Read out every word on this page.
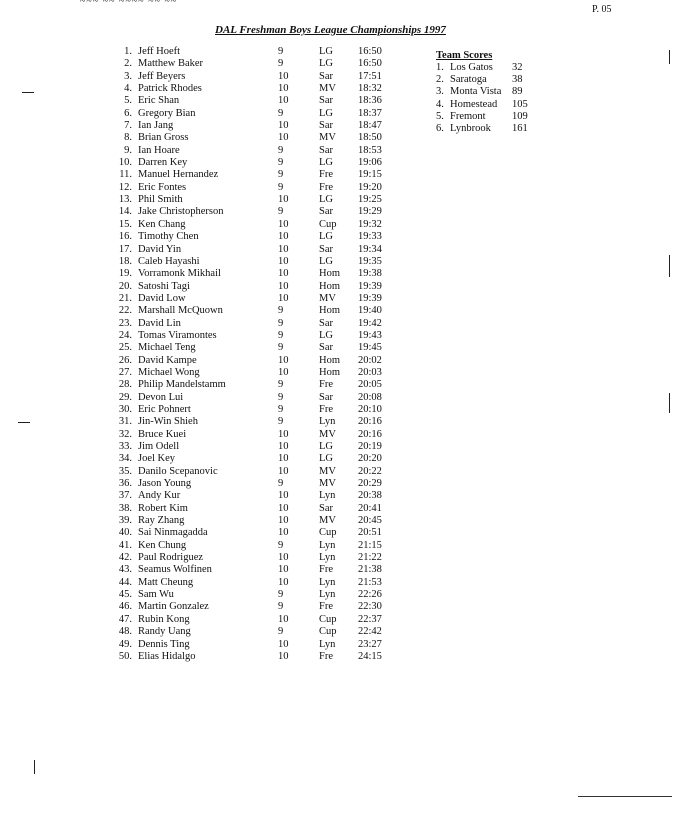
~~~ ~~ ~~~~ ~~ ~~
P. 05
DAL Freshman Boys League Championships 1997
1. Jeff Hoeft	9	LG 16:50
2. Matthew Baker	9	LG 16:50
3. Jeff Beyers	10	Sar 17:51
4. Patrick Rhodes	10	MV 18:32
5. Eric Shan	10	Sar 18:36
6. Gregory Bian	9	LG 18:37
7. Ian Jang	10	Sar 18:47
8. Brian Gross	10	MV 18:50
9. Ian Hoare	9	Sar 18:53
10. Darren Key	9	LG 19:06
11. Manuel Hernandez	9	Fre 19:15
12. Eric Fontes	9	Fre 19:20
13. Phil Smith	10	LG 19:25
14. Jake Christopherson	9	Sar 19:29
15. Ken Chang	10	Cup 19:32
16. Timothy Chen	10	LG 19:33
17. David Yin	10	Sar 19:34
18. Caleb Hayashi	10	LG 19:35
19. Vorramonk Mikhail	10	Hom 19:38
20. Satoshi Tagi	10	Hom 19:39
21. David Low	10	MV 19:39
22. Marshall McQuown	9	Hom 19:40
23. David Lin	9	Sar 19:42
24. Tomas Viramontes	9	LG 19:43
25. Michael Teng	9	Sar 19:45
26. David Kampe	10	Hom 20:02
27. Michael Wong	10	Hom 20:03
28. Philip Mandelstamm	9	Fre 20:05
29. Devon Lui	9	Sar 20:08
30. Eric Pohnert	9	Fre 20:10
31. Jin-Win Shieh	9	Lyn 20:16
32. Bruce Kuei	10	MV 20:16
33. Jim Odell	10	LG 20:19
34. Joel Key	10	LG 20:20
35. Danilo Scepanovic	10	MV 20:22
36. Jason Young	9	MV 20:29
37. Andy Kur	10	Lyn 20:38
38. Robert Kim	10	Sar 20:41
39. Ray Zhang	10	MV 20:45
40. Sai Ninmagadda	10	Cup 20:51
41. Ken Chung	9	Lyn 21:15
42. Paul Rodriguez	10	Lyn 21:22
43. Seamus Wolfinen	10	Fre 21:38
44. Matt Cheung	10	Lyn 21:53
45. Sam Wu	9	Lyn 22:26
46. Martin Gonzalez	9	Fre 22:30
47. Rubin Kong	10	Cup 22:37
48. Randy Uang	9	Cup 22:42
49. Dennis Ting	10	Lyn 23:27
50. Elias Hidalgo	10	Fre 24:15
Team Scores
1. Los Gatos 32
2. Saratoga 38
3. Monta Vista 89
4. Homestead 105
5. Fremont	109
6. Lynbrook 161
